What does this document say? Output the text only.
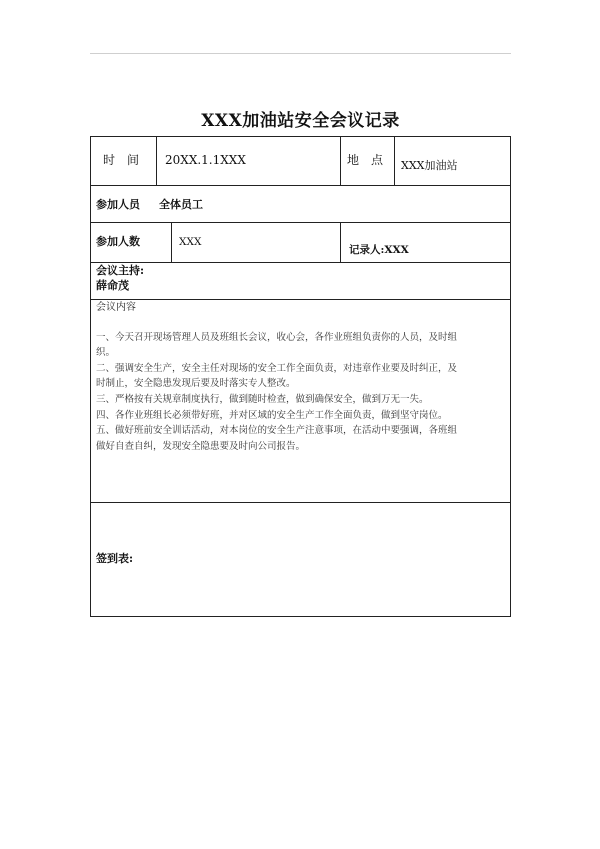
XXX加油站安全会议记录
时　间 20XX.1.1XXX	地　点 XXX加油站
参加人员 全体员工
参加人数	XXX
记录人:XXX
会议主持:
薛命茂
会议内容
一、今天召开现场管理人员及班组长会议，收心会，各作业班组负责你的人员，及时组
织。
二、强调安全生产，安全主任对现场的安全工作全面负责，对违章作业要及时纠正，及
时制止，安全隐患发现后要及时落实专人整改。
三、严格按有关规章制度执行，做到随时检查，做到确保安全，做到万无一失。
四、各作业班组长必须带好班，并对区域的安全生产工作全面负责，做到坚守岗位。
五、做好班前安全训话活动，对本岗位的安全生产注意事项，在活动中要强调，各班组
做好自查自纠，发现安全隐患要及时向公司报告。
签到表:
